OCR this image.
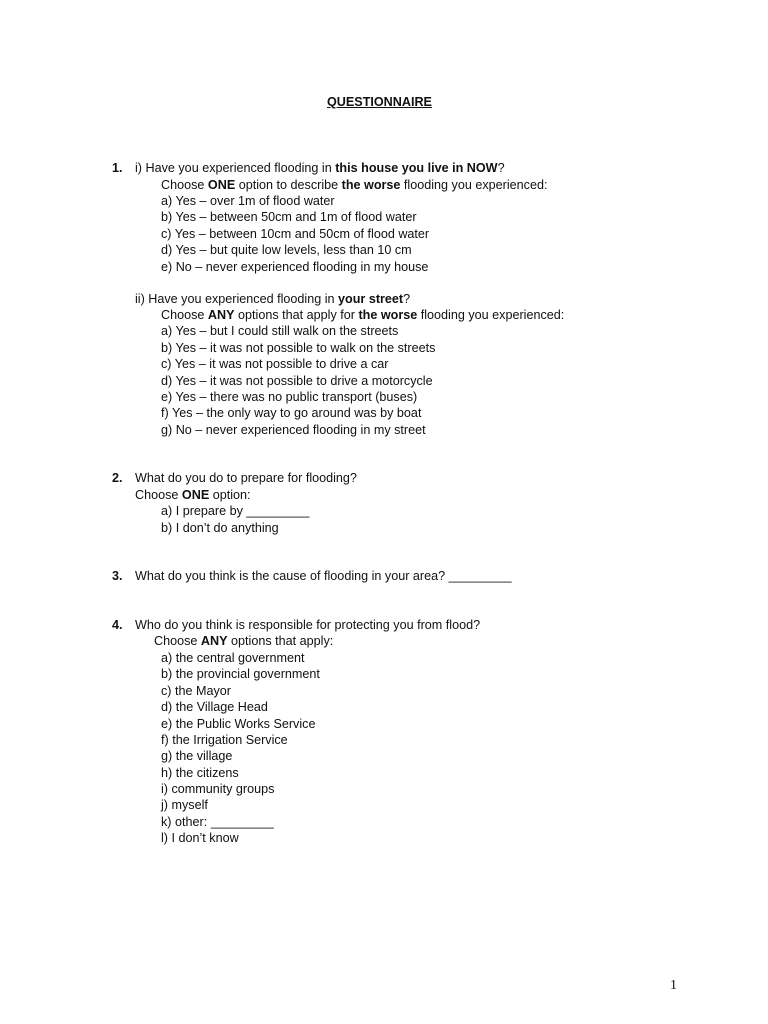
QUESTIONNAIRE
1. i) Have you experienced flooding in this house you live in NOW?
Choose ONE option to describe the worse flooding you experienced:
a) Yes – over 1m of flood water
b) Yes – between 50cm and 1m of flood water
c) Yes – between 10cm and 50cm of flood water
d) Yes – but quite low levels, less than 10 cm
e) No – never experienced flooding in my house
ii) Have you experienced flooding in your street?
Choose ANY options that apply for the worse flooding you experienced:
a) Yes – but I could still walk on the streets
b) Yes – it was not possible to walk on the streets
c) Yes – it was not possible to drive a car
d) Yes – it was not possible to drive a motorcycle
e) Yes – there was no public transport (buses)
f) Yes – the only way to go around was by boat
g) No – never experienced flooding in my street
2. What do you do to prepare for flooding?
Choose ONE option:
a) I prepare by _________
b) I don’t do anything
3. What do you think is the cause of flooding in your area? _________
4. Who do you think is responsible for protecting you from flood?
Choose ANY options that apply:
a) the central government
b) the provincial government
c) the Mayor
d) the Village Head
e) the Public Works Service
f) the Irrigation Service
g) the village
h) the citizens
i) community groups
j) myself
k) other: _________
l) I don’t know
1
